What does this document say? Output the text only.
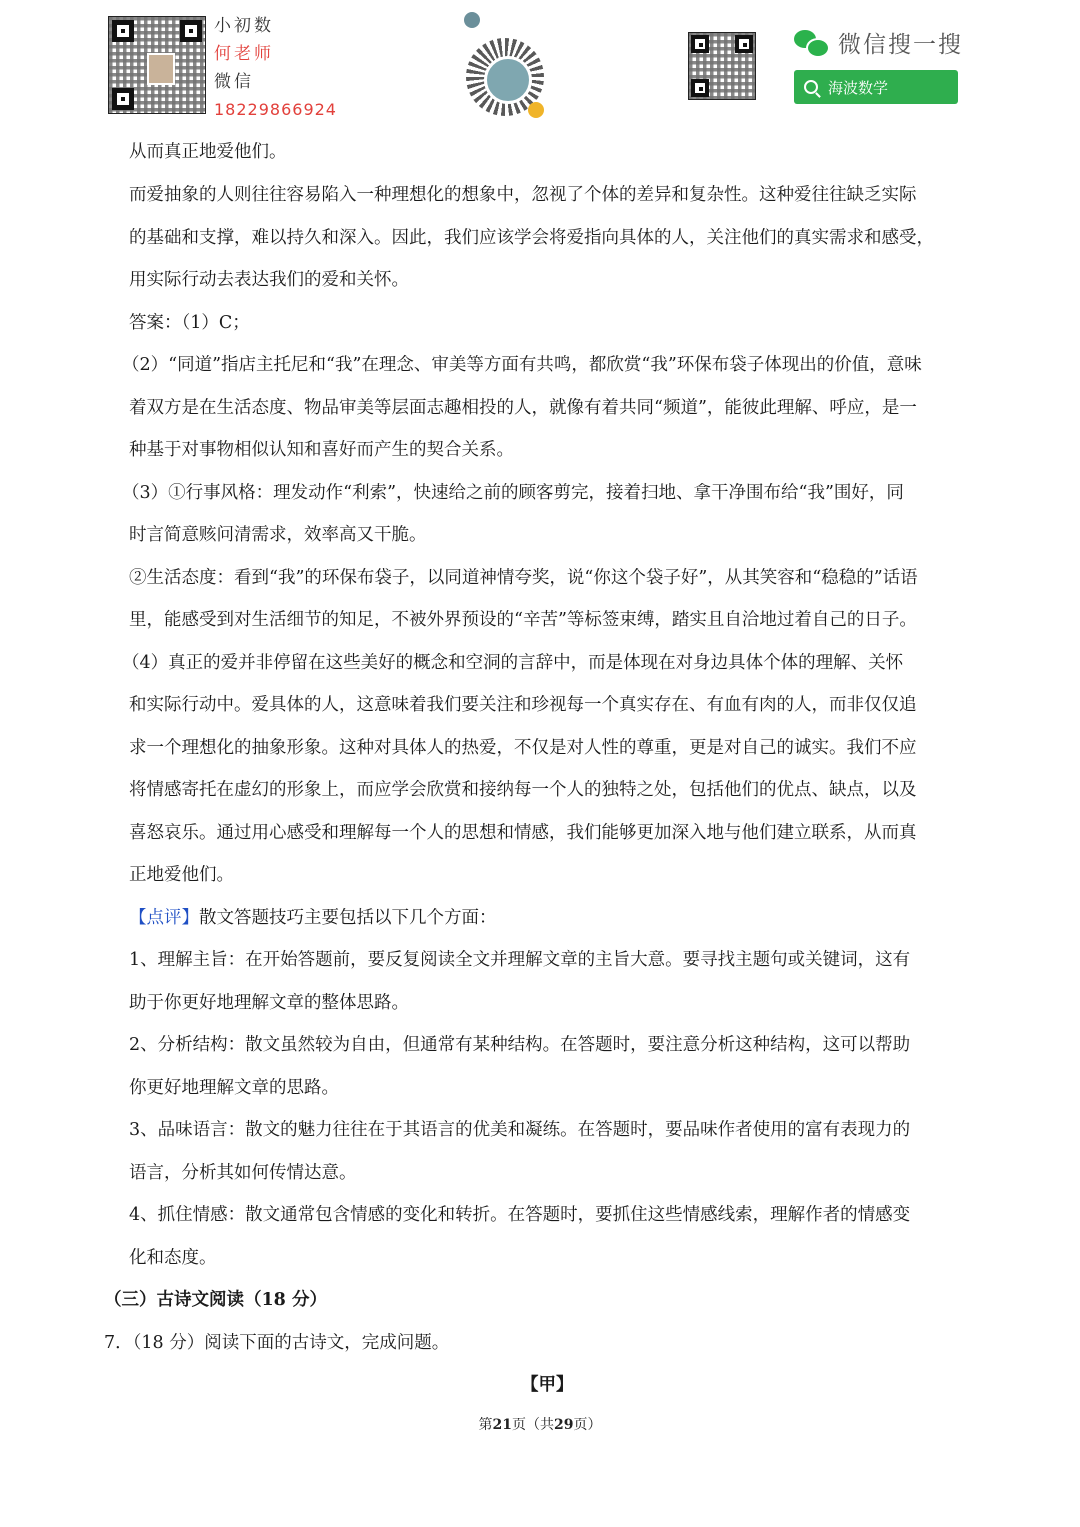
小初数
何老师
微信
18229866924
微信搜一搜
海波数学
从而真正地爱他们。
而爱抽象的人则往往容易陷入一种理想化的想象中，忽视了个体的差异和复杂性。这种爱往往缺乏实际
的基础和支撑，难以持久和深入。因此，我们应该学会将爱指向具体的人，关注他们的真实需求和感受，
用实际行动去表达我们的爱和关怀。
答案：（1）C；
（2）“同道”指店主托尼和“我”在理念、审美等方面有共鸣，都欣赏“我”环保布袋子体现出的价值，意味
着双方是在生活态度、物品审美等层面志趣相投的人，就像有着共同“频道”，能彼此理解、呼应，是一
种基于对事物相似认知和喜好而产生的契合关系。
（3）①行事风格：理发动作“利索”，快速给之前的顾客剪完，接着扫地、拿干净围布给“我”围好，同
时言简意赅问清需求，效率高又干脆。
②生活态度：看到“我”的环保布袋子，以同道神情夸奖，说“你这个袋子好”，从其笑容和“稳稳的”话语
里，能感受到对生活细节的知足，不被外界预设的“辛苦”等标签束缚，踏实且自洽地过着自己的日子。
（4）真正的爱并非停留在这些美好的概念和空洞的言辞中，而是体现在对身边具体个体的理解、关怀
和实际行动中。爱具体的人，这意味着我们要关注和珍视每一个真实存在、有血有肉的人，而非仅仅追
求一个理想化的抽象形象。这种对具体人的热爱，不仅是对人性的尊重，更是对自己的诚实。我们不应
将情感寄托在虚幻的形象上，而应学会欣赏和接纳每一个人的独特之处，包括他们的优点、缺点，以及
喜怒哀乐。通过用心感受和理解每一个人的思想和情感，我们能够更加深入地与他们建立联系，从而真
正地爱他们。
【点评】散文答题技巧主要包括以下几个方面：
1、理解主旨：在开始答题前，要反复阅读全文并理解文章的主旨大意。要寻找主题句或关键词，这有
助于你更好地理解文章的整体思路。
2、分析结构：散文虽然较为自由，但通常有某种结构。在答题时，要注意分析这种结构，这可以帮助
你更好地理解文章的思路。
3、品味语言：散文的魅力往往在于其语言的优美和凝练。在答题时，要品味作者使用的富有表现力的
语言，分析其如何传情达意。
4、抓住情感：散文通常包含情感的变化和转折。在答题时，要抓住这些情感线索，理解作者的情感变
化和态度。
（三）古诗文阅读（18 分）
7．（18 分）阅读下面的古诗文，完成问题。
【甲】
第21页（共29页）
